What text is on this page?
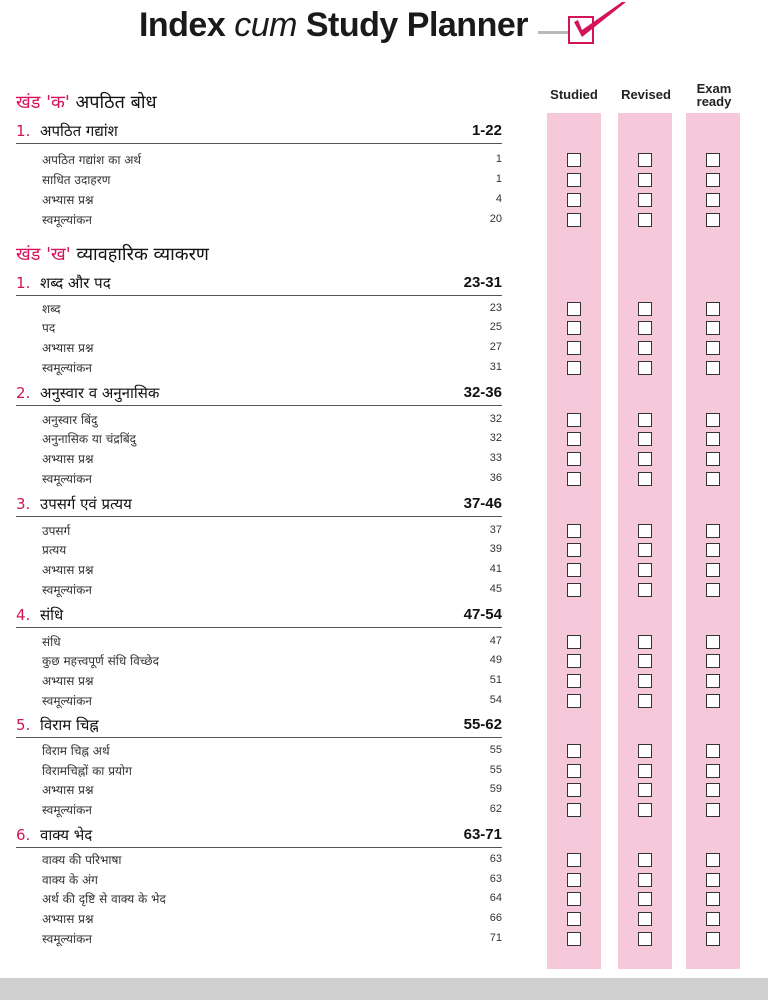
Index cum Study Planner
Studied	Revised	Exam
ready
खंड 'क' अपठित बोध
1. अपठित गद्यांश	1-22
अपठित गद्यांश का अर्थ	1
साधित उदाहरण	1
अभ्यास प्रश्न	4
स्वमूल्यांकन	20
खंड 'ख' व्यावहारिक व्याकरण
1. शब्द और पद	23-31
शब्द	23
पद	25
अभ्यास प्रश्न	27
स्वमूल्यांकन	31
2. अनुस्वार व अनुनासिक	32-36
अनुस्वार बिंदु	32
अनुनासिक या चंद्रबिंदु	32
अभ्यास प्रश्न	33
स्वमूल्यांकन	36
3. उपसर्ग एवं प्रत्यय	37-46
उपसर्ग	37
प्रत्यय	39
अभ्यास प्रश्न	41
स्वमूल्यांकन	45
4. संधि	47-54
संधि	47
कुछ महत्त्वपूर्ण संधि विच्छेद	49
अभ्यास प्रश्न	51
स्वमूल्यांकन	54
5. विराम चिह्न	55-62
विराम चिह्न अर्थ	55
विरामचिह्नों का प्रयोग	55
अभ्यास प्रश्न	59
स्वमूल्यांकन	62
6. वाक्य भेद	63-71
वाक्य की परिभाषा	63
वाक्य के अंग	63
अर्थ की दृष्टि से वाक्य के भेद	64
अभ्यास प्रश्न	66
स्वमूल्यांकन	71
